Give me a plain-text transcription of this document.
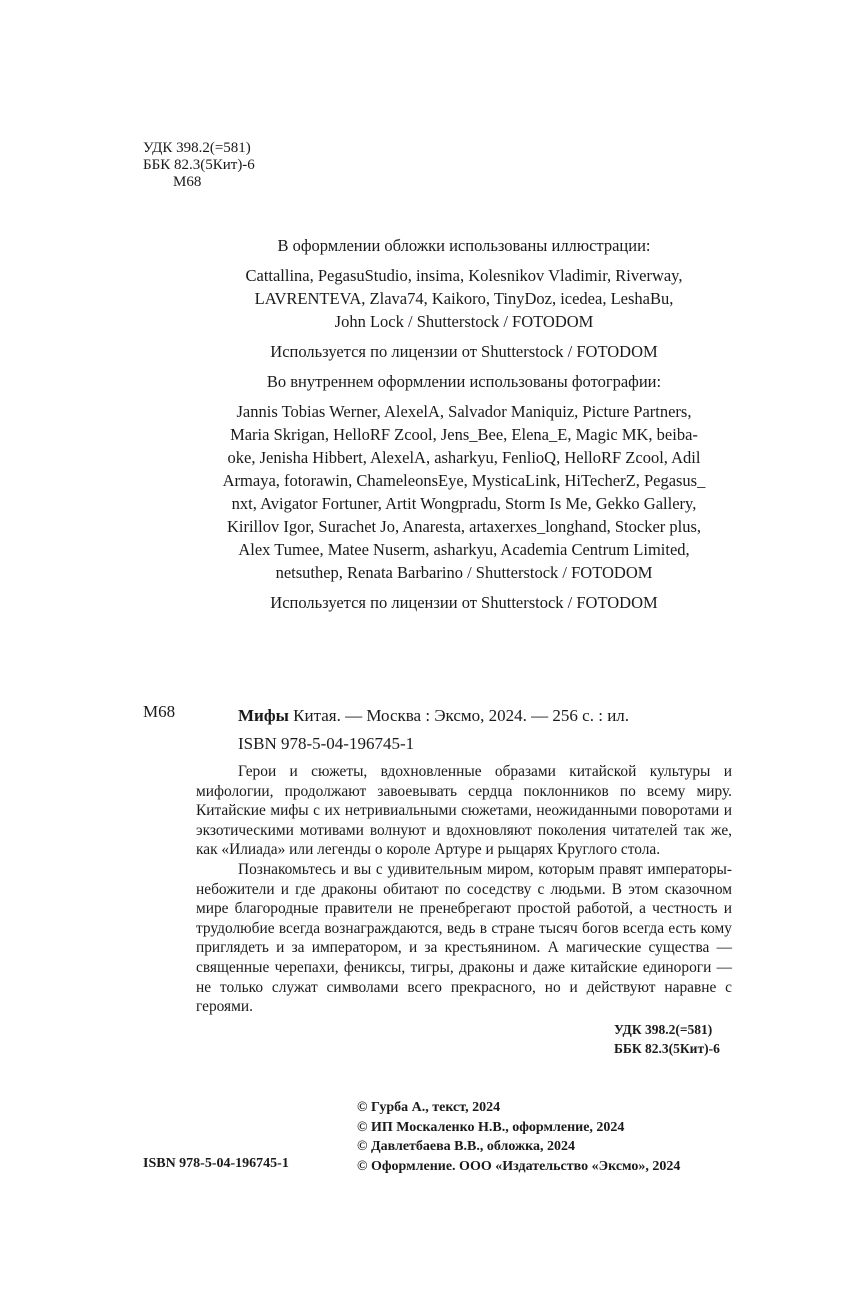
УДК 398.2(=581)
ББК 82.3(5Кит)-6
М68

В оформлении обложки использованы иллюстрации:

Cattallina, PegasuStudio, insima, Kolesnikov Vladimir, Riverway,

LAVRENTEVA, Zlava74, Kaikoro, TinyDoz, icedea, LeshaBu,

John Lock / Shutterstock / FOTODOM

Используется по лицензии от Shutterstock / FOTODOM

Во внутреннем оформлении использованы фотографии:

Jannis Tobias Werner, AlexelA, Salvador Maniquiz, Picture Partners,

Maria Skrigan, HelloRF Zcool, Jens_Bee, Elena_E, Magic MK, beiba-

oke, Jenisha Hibbert, AlexelA, asharkyu, FenlioQ, HelloRF Zcool, Adil

Armaya, fotorawin, ChameleonsEye, MysticaLink, HiTecherZ, Pegasus_

nxt, Avigator Fortuner, Artit Wongpradu, Storm Is Me, Gekko Gallery,

Kirillov Igor, Surachet Jo, Anaresta, artaxerxes_longhand, Stocker plus,

Alex Tumee, Matee Nuserm, asharkyu, Academia Centrum Limited,

netsuthep, Renata Barbarino / Shutterstock / FOTODOM

Используется по лицензии от Shutterstock / FOTODOM

М68	Мифы Китая. — Москва : Эксмо, 2024. — 256 с. : ил.
ISBN 978-5-04-196745-1

Герои и сюжеты, вдохновленные образами китайской культуры и мифологии, продолжают завоевывать сердца поклонников по всему миру. Китайские мифы с их нетривиальными сюжетами, неожиданными поворотами и экзотическими мотивами волнуют и вдохновляют поколения читателей так же, как «Илиада» или легенды о короле Артуре и рыцарях Круглого стола.

Познакомьтесь и вы с удивительным миром, которым правят императоры-небожители и где драконы обитают по соседству с людьми. В этом сказочном мире благородные правители не пренебрегают простой работой, а честность и трудолюбие всегда вознаграждаются, ведь в стране тысяч богов всегда есть кому приглядеть и за императором, и за крестьянином. А магические существа — священные черепахи, фениксы, тигры, драконы и даже китайские единороги — не только служат символами всего прекрасного, но и действуют наравне с героями.

УДК 398.2(=581)
ББК 82.3(5Кит)-6
© Гурба А., текст, 2024
© ИП Москаленко Н.В., оформление, 2024
© Давлетбаева В.В., обложка, 2024
© Оформление. ООО «Издательство «Эксмо», 2024
ISBN 978-5-04-196745-1
